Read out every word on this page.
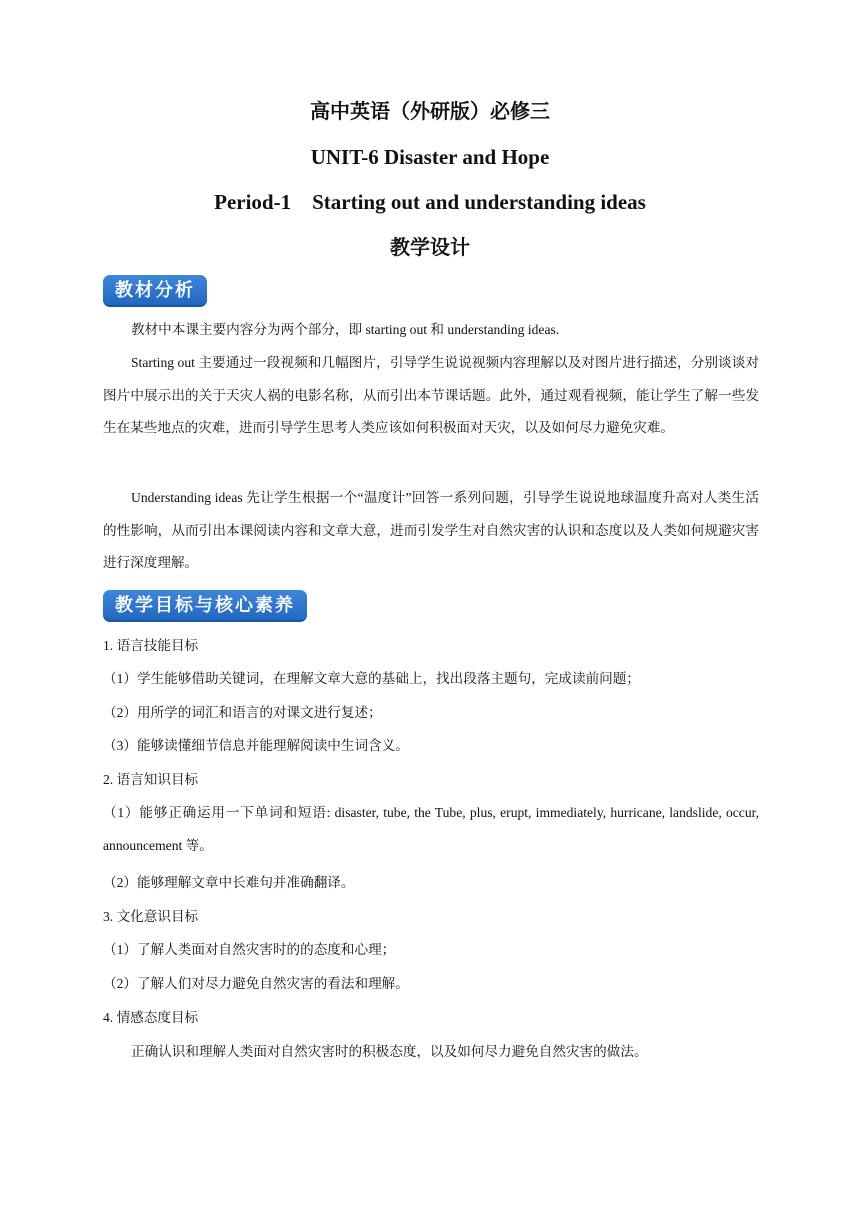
高中英语（外研版）必修三
UNIT-6 Disaster and Hope
Period-1    Starting out and understanding ideas
教学设计
教材分析
教材中本课主要内容分为两个部分，即 starting out 和 understanding ideas.
Starting out 主要通过一段视频和几幅图片，引导学生说说视频内容理解以及对图片进行描述，分别谈谈对图片中展示出的关于天灾人祸的电影名称，从而引出本节课话题。此外，通过观看视频，能让学生了解一些发生在某些地点的灾难，进而引导学生思考人类应该如何积极面对天灾，以及如何尽力避免灾难。
Understanding ideas 先让学生根据一个“温度计”回答一系列问题，引导学生说说地球温度升高对人类生活的性影响，从而引出本课阅读内容和文章大意，进而引发学生对自然灾害的认识和态度以及人类如何规避灾害进行深度理解。
教学目标与核心素养
1. 语言技能目标
（1）学生能够借助关键词，在理解文章大意的基础上，找出段落主题句，完成读前问题；
（2）用所学的词汇和语言的对课文进行复述；
（3）能够读懂细节信息并能理解阅读中生词含义。
2. 语言知识目标
（1）能够正确运用一下单词和短语: disaster, tube, the Tube, plus, erupt, immediately, hurricane, landslide, occur, announcement 等。
（2）能够理解文章中长难句并准确翻译。
3. 文化意识目标
（1）了解人类面对自然灾害时的的态度和心理；
（2）了解人们对尽力避免自然灾害的看法和理解。
4. 情感态度目标
正确认识和理解人类面对自然灾害时的积极态度，以及如何尽力避免自然灾害的做法。
